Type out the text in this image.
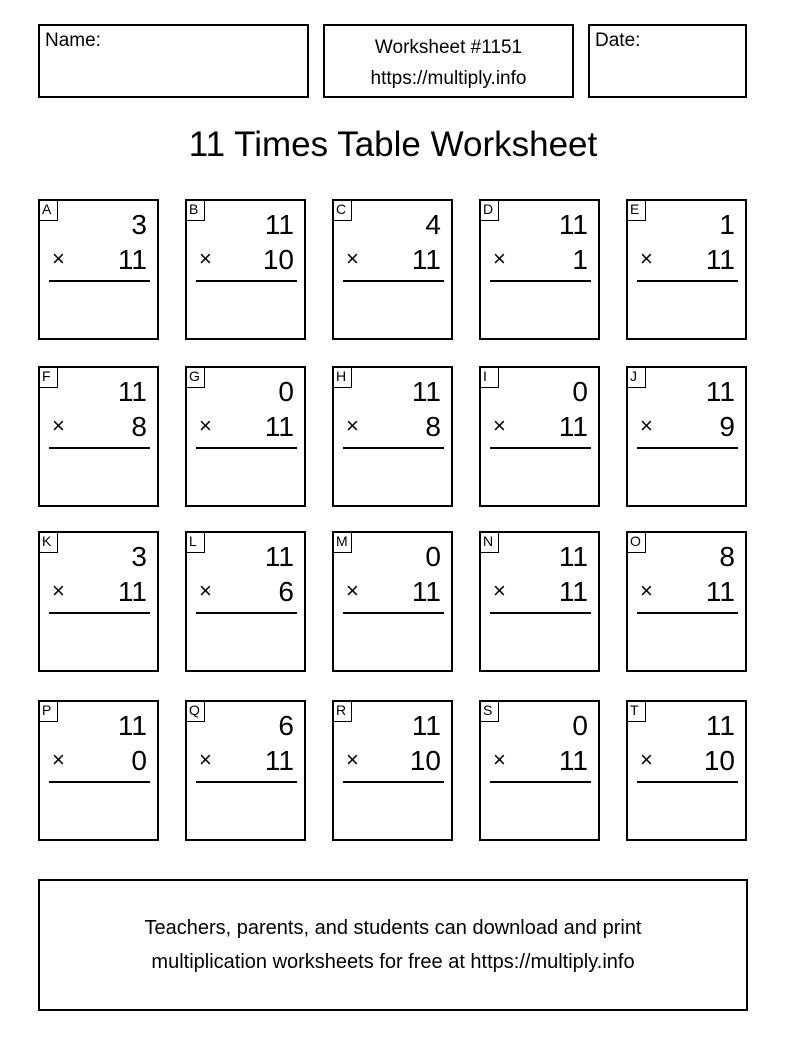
Name:	Worksheet #1151
https://multiply.info
Date:
11 Times Table Worksheet
A	3
× 11
B 11
× 10
C	4
× 11
D 11
× 1
E	1
× 11
F 11
× 8
G	0
× 11
H 11
× 8
I	0
× 11
J	11
× 9
K	3
× 11
L 11
× 6
M	0
× 11
N 11
× 11
O	8
× 11
P 11
× 0
Q	6
× 11
R 11
× 10
S	0
× 11
T 11
× 10
Teachers, parents, and students can download and print
multiplication worksheets for free at https://multiply.info
